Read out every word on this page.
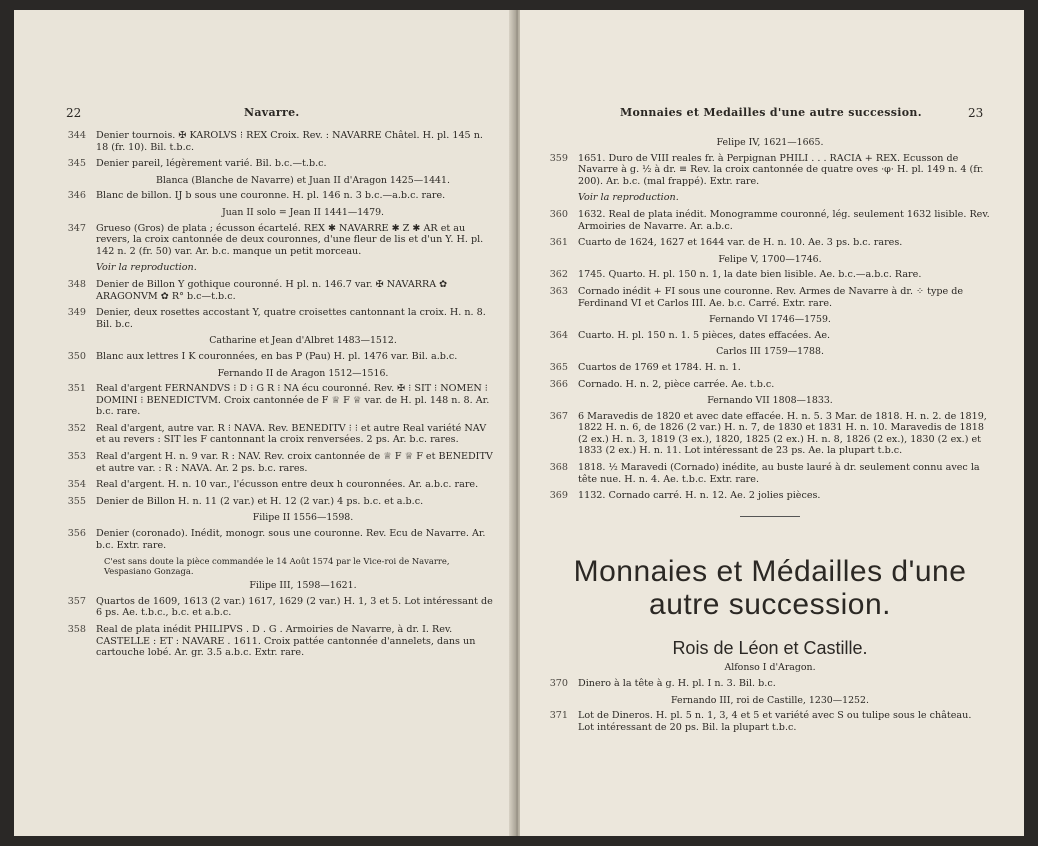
22	Navarre.
344 Denier tournois. ✠ KAROLVS ⁝ REX Croix. Rev. : NAVARRE Châtel. H. pl. 145 n. 18 (fr. 10). Bil. t.b.c.
345 Denier pareil, légèrement varié. Bil. b.c.—t.b.c.
Blanca (Blanche de Navarre) et Juan II d'Aragon 1425—1441.
346 Blanc de billon. IJ b sous une couronne. H. pl. 146 n. 3 b.c.—a.b.c. rare.
Juan II solo = Jean II 1441—1479.
347 Grueso (Gros) de plata ; écusson écartelé. REX ✱ NAVARRE ✱ Z ✱ AR et au revers, la croix cantonnée de deux couronnes, d'une fleur de lis et d'un Y. H. pl. 142 n. 2 (fr. 50) var. Ar. b.c. manque un petit morceau.
Voir la reproduction.
348 Denier de Billon Y gothique couronné. H pl. n. 146.7 var. ✠ NAVARRA ✿ ARAGONVM ✿ R° b.c—t.b.c.
349 Denier, deux rosettes accostant Y, quatre croisettes cantonnant la croix. H. n. 8. Bil. b.c.
Catharine et Jean d'Albret 1483—1512.
350 Blanc aux lettres I K couronnées, en bas P (Pau) H. pl. 1476 var. Bil. a.b.c.
Fernando II de Aragon 1512—1516.
351 Real d'argent FERNANDVS ⁝ D ⁝ G R ⁝ NA écu couronné. Rev. ✠ ⁝ SIT ⁝ NOMEN ⁝ DOMINI ⁝ BENEDICTVM. Croix cantonnée de F ♕ F ♕ var. de H. pl. 148 n. 8. Ar. b.c. rare.
352 Real d'argent, autre var. R ⁝ NAVA. Rev. BENEDITV ⁝ ⁝ et autre Real variété NAV et au revers : SIT les F cantonnant la croix renversées. 2 ps. Ar. b.c. rares.
353 Real d'argent H. n. 9 var. R : NAV. Rev. croix cantonnée de ♕ F ♕ F et BENEDITV et autre var. : R : NAVA. Ar. 2 ps. b.c. rares.
354 Real d'argent. H. n. 10 var., l'écusson entre deux h couronnées. Ar. a.b.c. rare.
355 Denier de Billon H. n. 11 (2 var.) et H. 12 (2 var.) 4 ps. b.c. et a.b.c.
Filipe II 1556—1598.
356 Denier (coronado). Inédit, monogr. sous une couronne. Rev. Ecu de Navarre. Ar. b.c. Extr. rare.
C'est sans doute la pièce commandée le 14 Août 1574 par le Vice-roi de Navarre, Vespasiano Gonzaga.
Filipe III, 1598—1621.
357 Quartos de 1609, 1613 (2 var.) 1617, 1629 (2 var.) H. 1, 3 et 5. Lot intéressant de 6 ps. Ae. t.b.c., b.c. et a.b.c.
358 Real de plata inédit PHILIPVS . D . G . Armoiries de Navarre, à dr. I. Rev. CASTELLE : ET : NAVARE . 1611. Croix pattée cantonnée d'annelets, dans un cartouche lobé. Ar. gr. 3.5 a.b.c. Extr. rare.
Monnaies et Medailles d'une autre succession.	23
Felipe IV, 1621—1665.
359 1651. Duro de VIII reales fr. à Perpignan PHILI . . . RACIA + REX. Ecusson de Navarre à g. ½ à dr. ≡ Rev. la croix cantonnée de quatre oves ·φ· H. pl. 149 n. 4 (fr. 200). Ar. b.c. (mal frappé). Extr. rare.
Voir la reproduction.
360 1632. Real de plata inédit. Monogramme couronné, lég. seulement 1632 lisible. Rev. Armoiries de Navarre. Ar. a.b.c.
361 Cuarto de 1624, 1627 et 1644 var. de H. n. 10. Ae. 3 ps. b.c. rares.
Felipe V, 1700—1746.
362 1745. Quarto. H. pl. 150 n. 1, la date bien lisible. Ae. b.c.—a.b.c. Rare.
363 Cornado inédit + FI sous une couronne. Rev. Armes de Navarre à dr. ⁘ type de Ferdinand VI et Carlos III. Ae. b.c. Carré. Extr. rare.
Fernando VI 1746—1759.
364 Cuarto. H. pl. 150 n. 1. 5 pièces, dates effacées. Ae.
Carlos III 1759—1788.
365 Cuartos de 1769 et 1784. H. n. 1.
366 Cornado. H. n. 2, pièce carrée. Ae. t.b.c.
Fernando VII 1808—1833.
367 6 Maravedis de 1820 et avec date effacée. H. n. 5. 3 Mar. de 1818. H. n. 2. de 1819, 1822 H. n. 6, de 1826 (2 var.) H. n. 7, de 1830 et 1831 H. n. 10. Maravedis de 1818 (2 ex.) H. n. 3, 1819 (3 ex.), 1820, 1825 (2 ex.) H. n. 8, 1826 (2 ex.), 1830 (2 ex.) et 1833 (2 ex.) H. n. 11. Lot intéressant de 23 ps. Ae. la plupart t.b.c.
368 1818. ½ Maravedi (Cornado) inédite, au buste lauré à dr. seulement connu avec la tête nue. H. n. 4. Ae. t.b.c. Extr. rare.
369 1132. Cornado carré. H. n. 12. Ae. 2 jolies pièces.
Monnaies et Médailles d'une
autre succession.
Rois de Léon et Castille.
Alfonso I d'Aragon.
370 Dinero à la tête à g. H. pl. I n. 3. Bil. b.c.
Fernando III, roi de Castille, 1230—1252.
371 Lot de Dineros. H. pl. 5 n. 1, 3, 4 et 5 et variété avec S ou tulipe sous le château. Lot intéressant de 20 ps. Bil. la plupart t.b.c.
